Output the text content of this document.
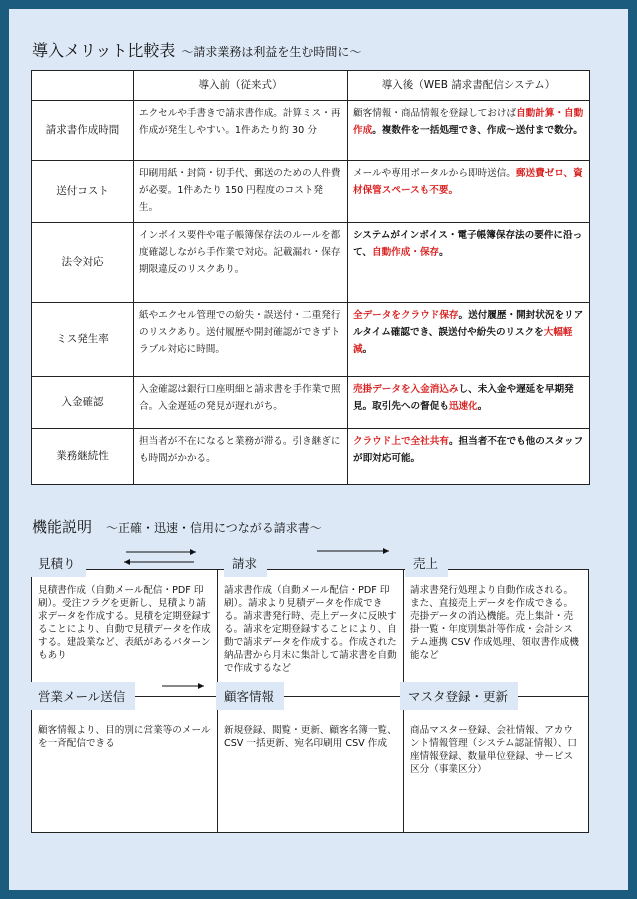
導入メリット比較表 ～請求業務は利益を生む時間に～
	導入前（従来式）	導入後（WEB 請求書配信システム）
請求書作成時間	エクセルや手書きで請求書作成。計算ミス・再作成が発生しやすい。1件あたり約 30 分	顧客情報・商品情報を登録しておけば自動計算・自動作成。複数件を一括処理でき、作成～送付まで数分。
送付コスト	印刷用紙・封筒・切手代、郵送のための人件費が必要。1件あたり 150 円程度のコスト発生。	メールや専用ポータルから即時送信。郵送費ゼロ、資材保管スペースも不要。
法令対応	インボイス要件や電子帳簿保存法のルールを都度確認しながら手作業で対応。記載漏れ・保存期限違反のリスクあり。	システムがインボイス・電子帳簿保存法の要件に沿って、自動作成・保存。
ミス発生率	紙やエクセル管理での紛失・誤送付・二重発行のリスクあり。送付履歴や開封確認ができずトラブル対応に時間。	全データをクラウド保存。送付履歴・開封状況をリアルタイム確認でき、誤送付や紛失のリスクを大幅軽減。
入金確認	入金確認は銀行口座明細と請求書を手作業で照合。入金遅延の発見が遅れがち。	売掛データを入金消込みし、未入金や遅延を早期発見。取引先への督促も迅速化。
業務継続性	担当者が不在になると業務が滞る。引き継ぎにも時間がかかる。	クラウド上で全社共有。担当者不在でも他のスタッフが即対応可能。
機能説明 ～正確・迅速・信用につながる請求書～
見積書作成（自動メール配信・PDF 印刷）。受注フラグを更新し、見積より請求データを作成する。見積を定期登録することにより、自動で見積データを作成する。建設業など、表紙があるパターンもあり
請求書作成（自動メール配信・PDF 印刷）。請求より見積データを作成できる。請求書発行時、売上データに反映する。請求を定期登録することにより、自動で請求データを作成する。作成された納品書から月末に集計して請求書を自動で作成するなど
請求書発行処理より自動作成される。また、直接売上データを作成できる。売掛データの消込機能。売上集計・売掛一覧・年度別集計等作成・会計システム連携 CSV 作成処理、領収書作成機能など
顧客情報より、目的別に営業等のメールを一斉配信できる
新規登録、閲覧・更新、顧客名簿一覧、CSV 一括更新、宛名印刷用 CSV 作成
商品マスター登録、会社情報、アカウント情報管理（システム認証情報）、口座情報登録、数量単位登録、サービス区分（事業区分）
見積り	請求	売上
営業メール送信	顧客情報	マスタ登録・更新
